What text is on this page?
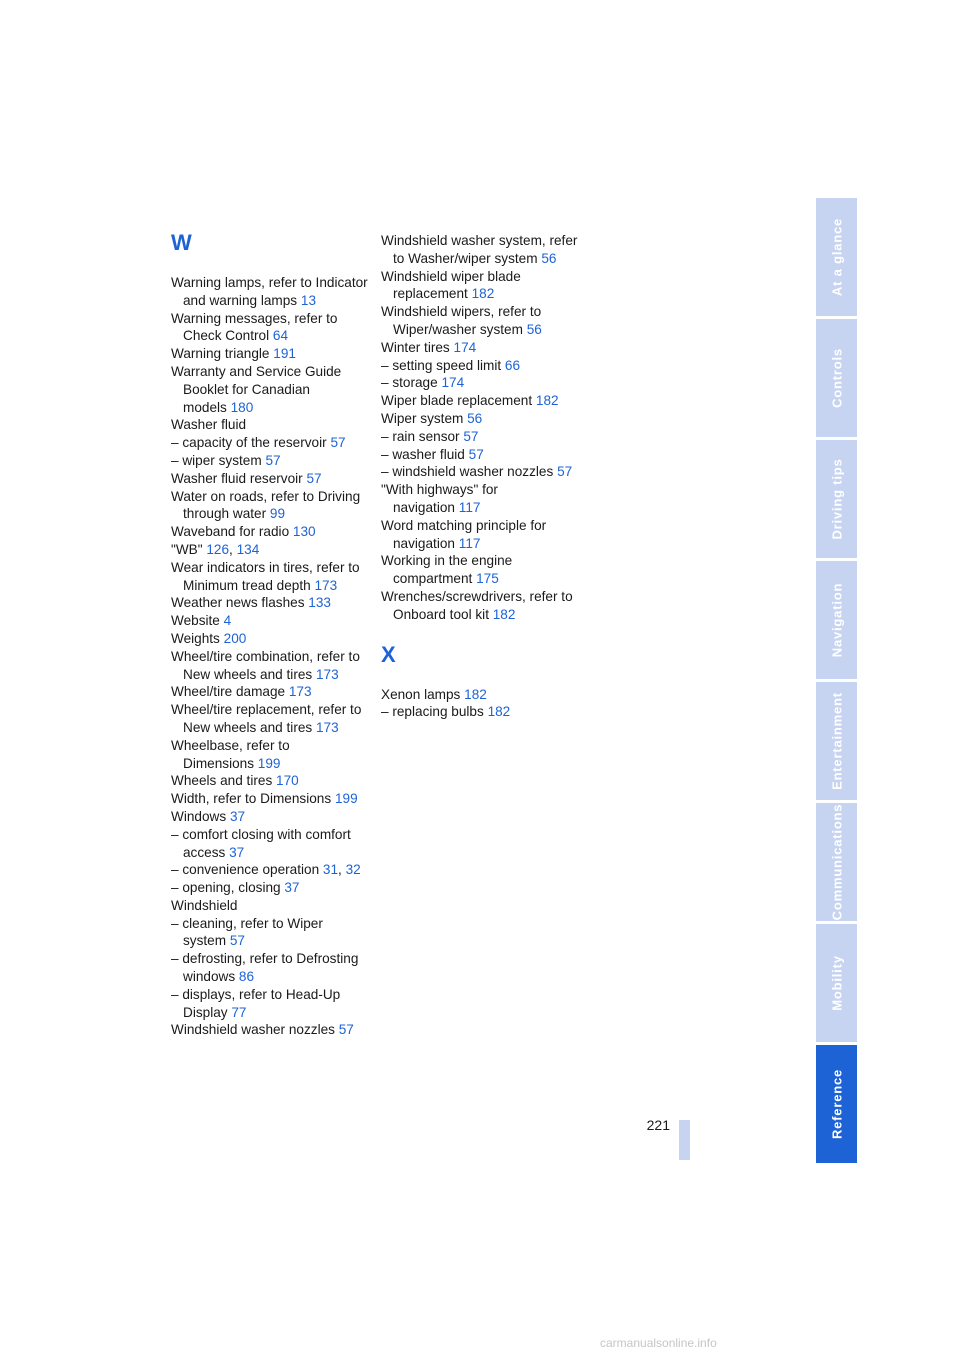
W
Warning lamps, refer to Indicator and warning lamps 13
Warning messages, refer to Check Control 64
Warning triangle 191
Warranty and Service Guide Booklet for Canadian models 180
Washer fluid
– capacity of the reservoir 57
– wiper system 57
Washer fluid reservoir 57
Water on roads, refer to Driving through water 99
Waveband for radio 130
"WB" 126, 134
Wear indicators in tires, refer to Minimum tread depth 173
Weather news flashes 133
Website 4
Weights 200
Wheel/tire combination, refer to New wheels and tires 173
Wheel/tire damage 173
Wheel/tire replacement, refer to New wheels and tires 173
Wheelbase, refer to Dimensions 199
Wheels and tires 170
Width, refer to Dimensions 199
Windows 37
– comfort closing with comfort access 37
– convenience operation 31, 32
– opening, closing 37
Windshield
– cleaning, refer to Wiper system 57
– defrosting, refer to Defrosting windows 86
– displays, refer to Head-Up Display 77
Windshield washer nozzles 57
Windshield washer system, refer to Washer/wiper system 56
Windshield wiper blade replacement 182
Windshield wipers, refer to Wiper/washer system 56
Winter tires 174
– setting speed limit 66
– storage 174
Wiper blade replacement 182
Wiper system 56
– rain sensor 57
– washer fluid 57
– windshield washer nozzles 57
"With highways" for navigation 117
Word matching principle for navigation 117
Working in the engine compartment 175
Wrenches/screwdrivers, refer to Onboard tool kit 182
X
Xenon lamps 182
– replacing bulbs 182
At a glance
Controls
Driving tips
Navigation
Entertainment
Communications
Mobility
Reference
221
carmanualsonline.info
